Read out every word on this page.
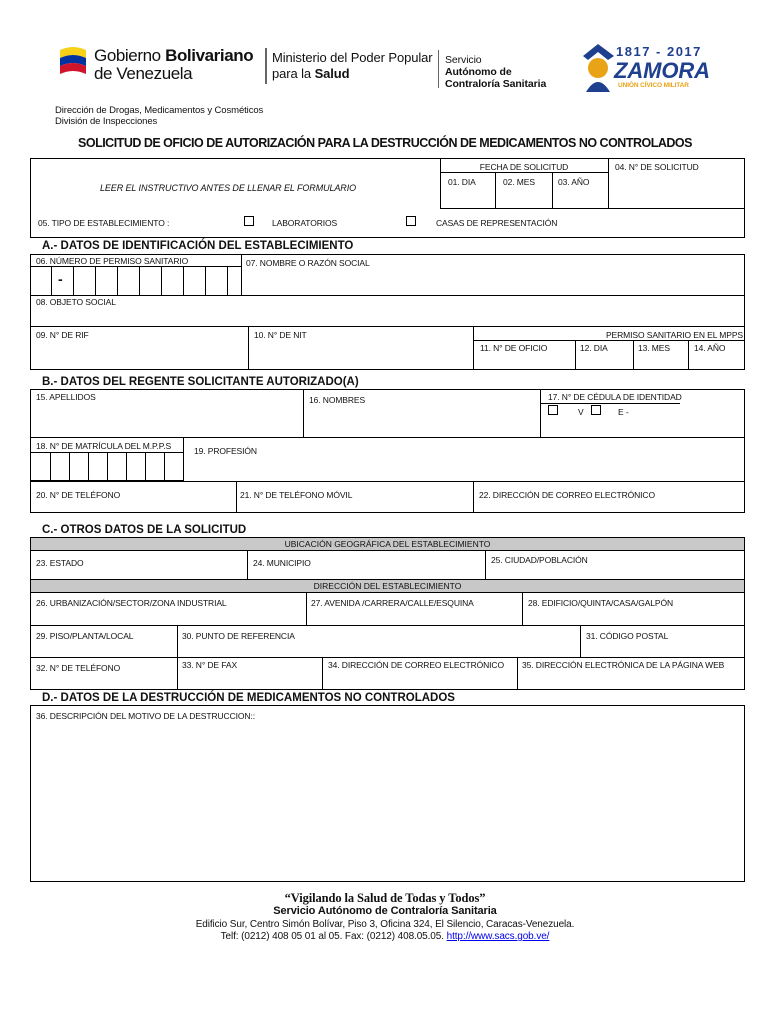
Gobierno Bolivariano
de Venezuela
Ministerio del Poder Popular
para la Salud
Servicio
Autónomo de
Contraloría Sanitaria
1817 - 2017
ZAMORA
UNIÓN CÍVICO MILITAR
Dirección de Drogas, Medicamentos y Cosméticos
División de Inspecciones
SOLICITUD DE OFICIO DE AUTORIZACIÓN PARA LA DESTRUCCIÓN DE MEDICAMENTOS NO CONTROLADOS
LEER EL INSTRUCTIVO ANTES DE LLENAR EL FORMULARIO
FECHA DE SOLICITUD
01. DIA	02. MES	03. AÑO
04. N° DE SOLICITUD
05. TIPO DE ESTABLECIMIENTO :	LABORATORIOS	CASAS DE REPRESENTACIÓN
A.- DATOS DE IDENTIFICACIÓN DEL ESTABLECIMIENTO
06. NÚMERO DE PERMISO SANITARIO
-
07. NOMBRE O RAZÓN SOCIAL
08. OBJETO SOCIAL
09. N° DE RIF	10. N° DE NIT	PERMISO SANITARIO EN EL MPPS
11. N° DE OFICIO	12. DIA	13. MES	14. AÑO
B.- DATOS DEL REGENTE SOLICITANTE AUTORIZADO(A)
15. APELLIDOS	16. NOMBRES	17. N° DE CÉDULA DE IDENTIDAD
V	E -
18. N° DE MATRÍCULA DEL M.P.P.S	19. PROFESIÓN
20. N° DE TELÉFONO	21. N° DE TELÉFONO MÓVIL	22. DIRECCIÓN DE CORREO ELECTRÓNICO
C.- OTROS DATOS DE LA SOLICITUD
UBICACIÓN GEOGRÁFICA DEL ESTABLECIMIENTO
23. ESTADO	24. MUNICIPIO	25. CIUDAD/POBLACIÓN
DIRECCIÓN DEL ESTABLECIMIENTO
26. URBANIZACIÓN/SECTOR/ZONA INDUSTRIAL	27. AVENIDA /CARRERA/CALLE/ESQUINA	28. EDIFICIO/QUINTA/CASA/GALPÓN
29. PISO/PLANTA/LOCAL	30. PUNTO DE REFERENCIA	31. CÓDIGO POSTAL
32. N° DE TELÉFONO	33. N° DE FAX	34. DIRECCIÓN DE CORREO ELECTRÓNICO 35. DIRECCIÓN ELECTRÓNICA DE LA PÁGINA WEB
D.- DATOS DE LA DESTRUCCIÓN DE MEDICAMENTOS NO CONTROLADOS
36. DESCRIPCIÓN DEL MOTIVO DE LA DESTRUCCION::
“Vigilando la Salud de Todas y Todos”
Servicio Autónomo de Contraloría Sanitaria
Edificio Sur, Centro Simón Bolívar, Piso 3, Oficina 324, El Silencio, Caracas-Venezuela.
Telf: (0212) 408 05 01 al 05. Fax: (0212) 408.05.05. http://www.sacs.gob.ve/
